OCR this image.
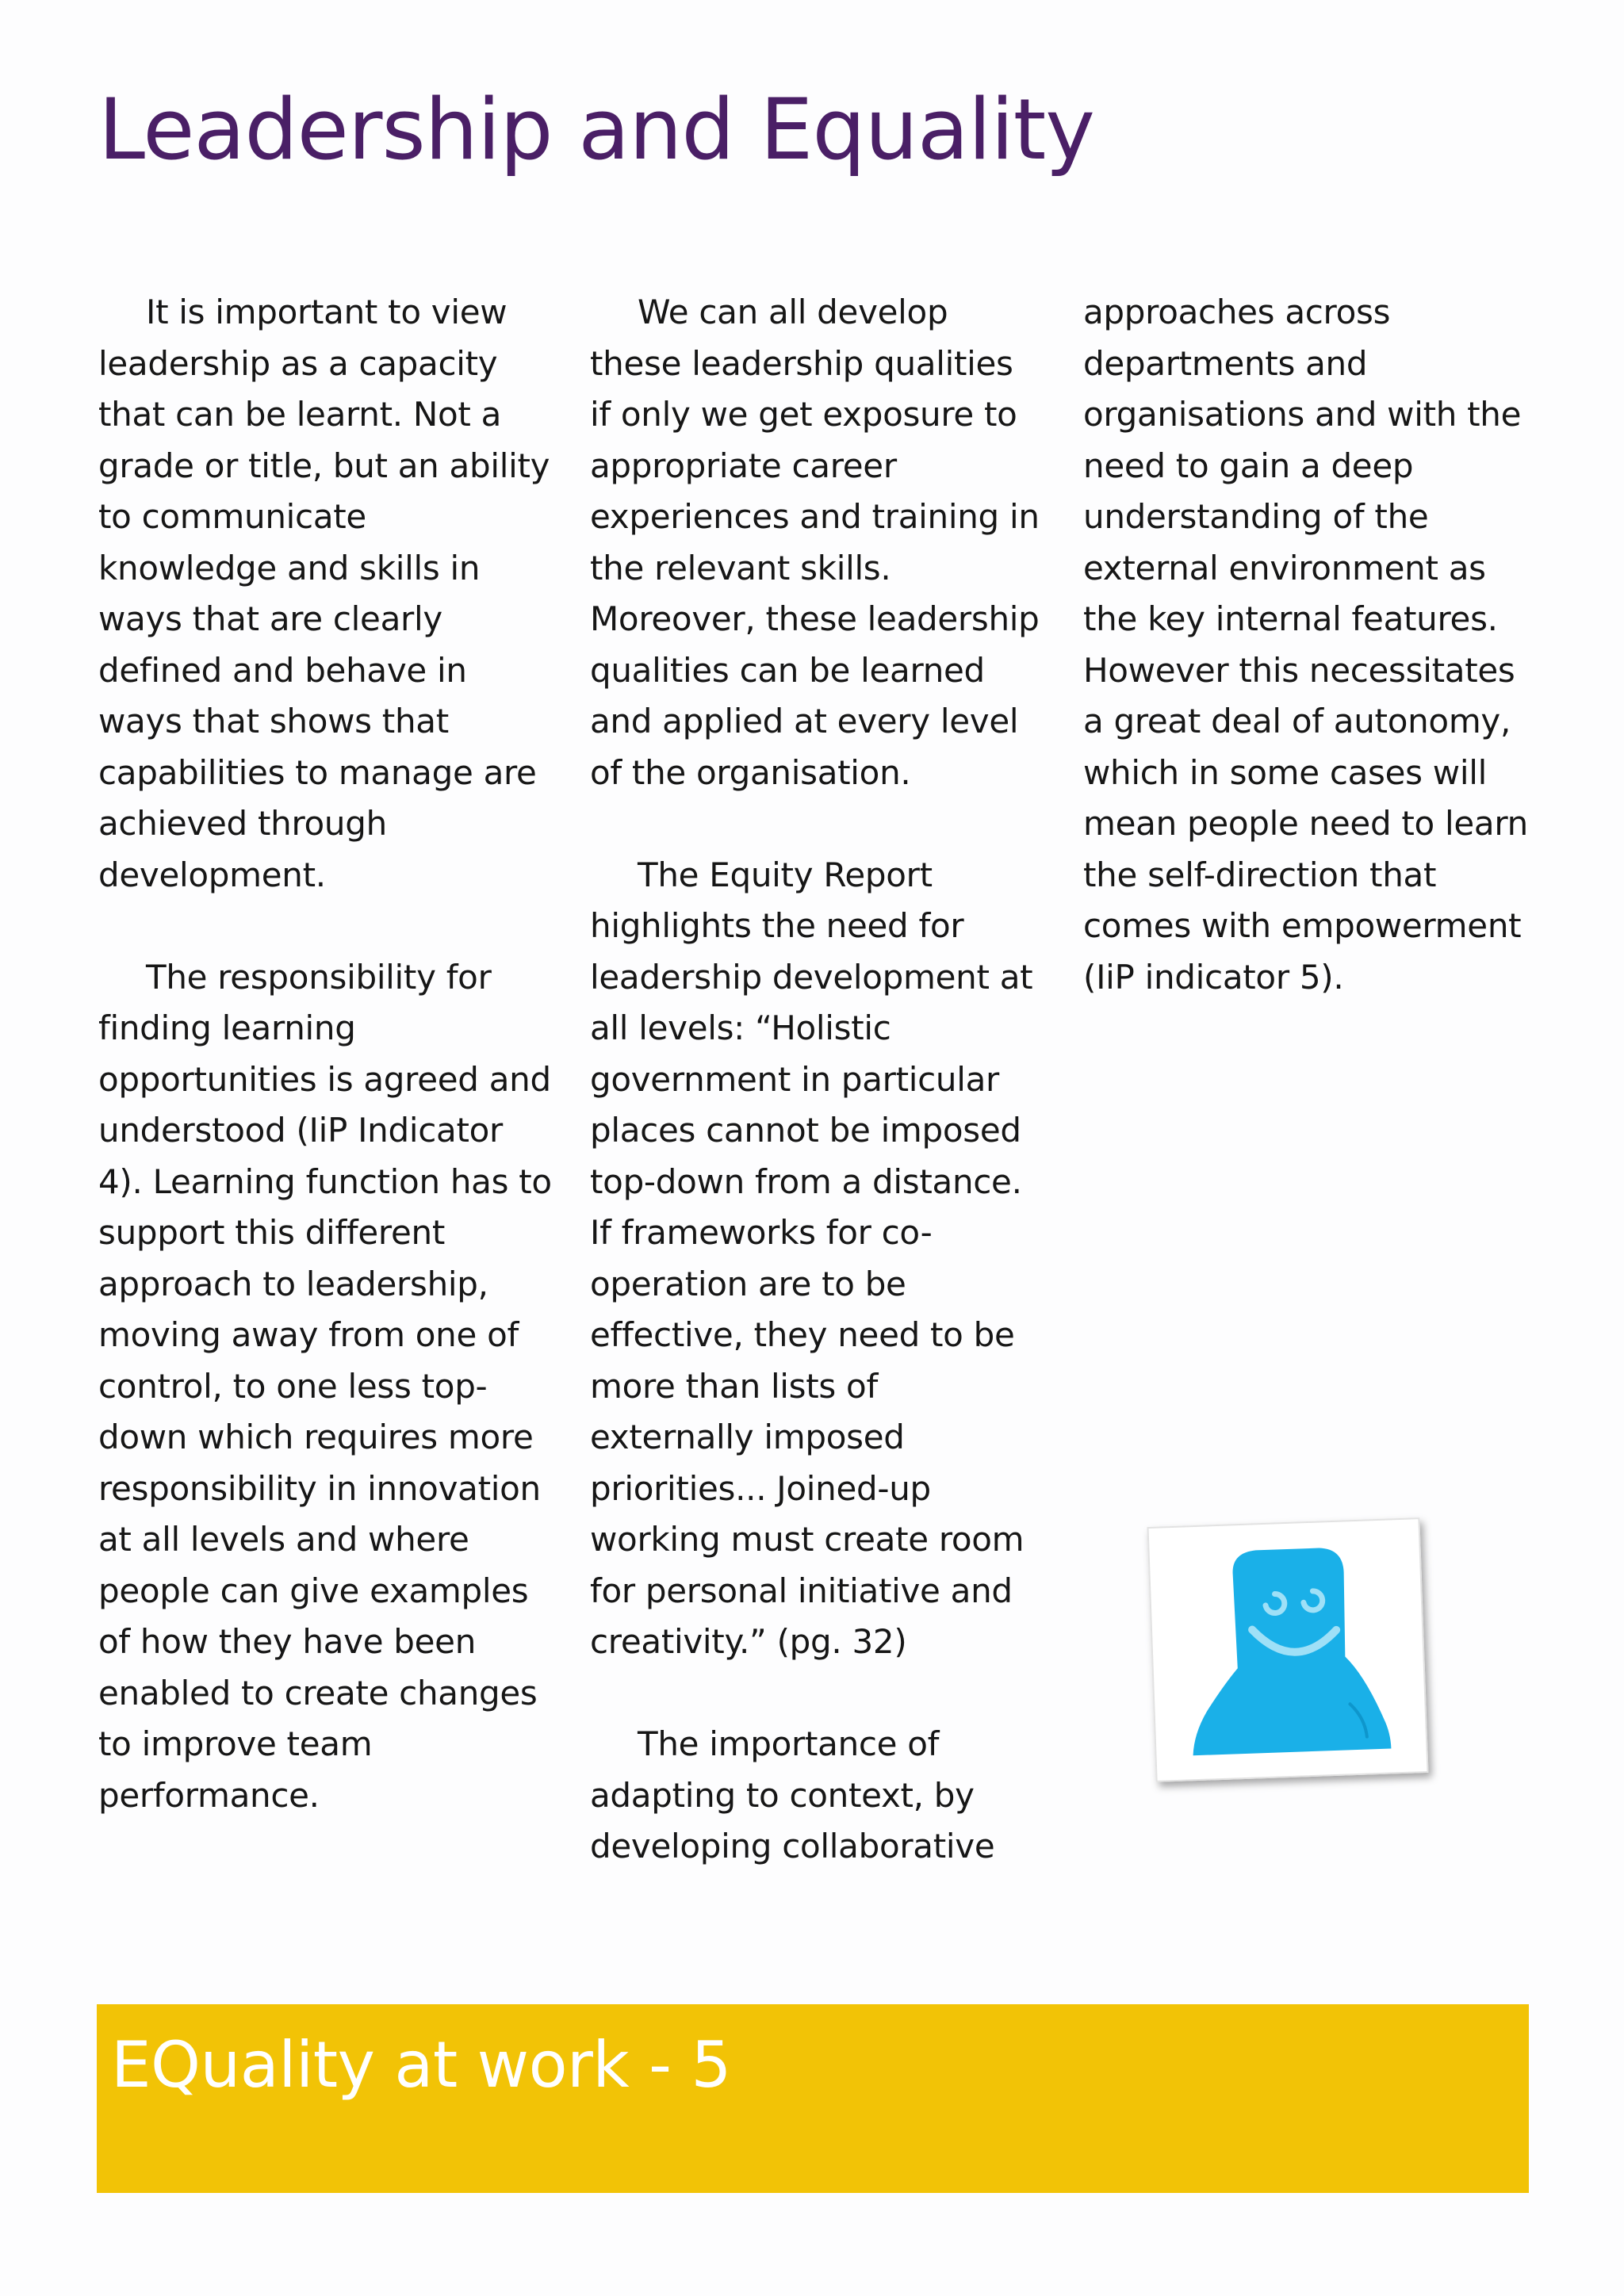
Leadership and Equality

It is important to view leadership as a capacity that can be learnt. Not a grade or title, but an ability to communicate knowledge and skills in ways that are clearly defined and behave in ways that shows that capabilities to manage are achieved through development.

The responsibility for finding learning opportunities is agreed and understood (IiP Indicator 4). Learning function has to support this different approach to leadership, moving away from one of control, to one less top-down which requires more responsibility in innovation at all levels and where people can give examples of how they have been enabled to create changes to improve team performance.

We can all develop these leadership qualities if only we get exposure to appropriate career experiences and training in the relevant skills. Moreover, these leadership qualities can be learned and applied at every level of the organisation.

The Equity Report highlights the need for leadership development at all levels: “Holistic government in particular places cannot be imposed top-down from a distance. If frameworks for co-operation are to be effective, they need to be more than lists of externally imposed priorities... Joined-up working must create room for personal initiative and creativity.” (pg. 32)

The importance of adapting to context, by developing collaborative

approaches across departments and organisations and with the need to gain a deep understanding of the external environment as the key internal features. However this necessitates a great deal of autonomy, which in some cases will mean people need to learn the self-direction that comes with empowerment (IiP indicator 5).

EQuality at work - 5
